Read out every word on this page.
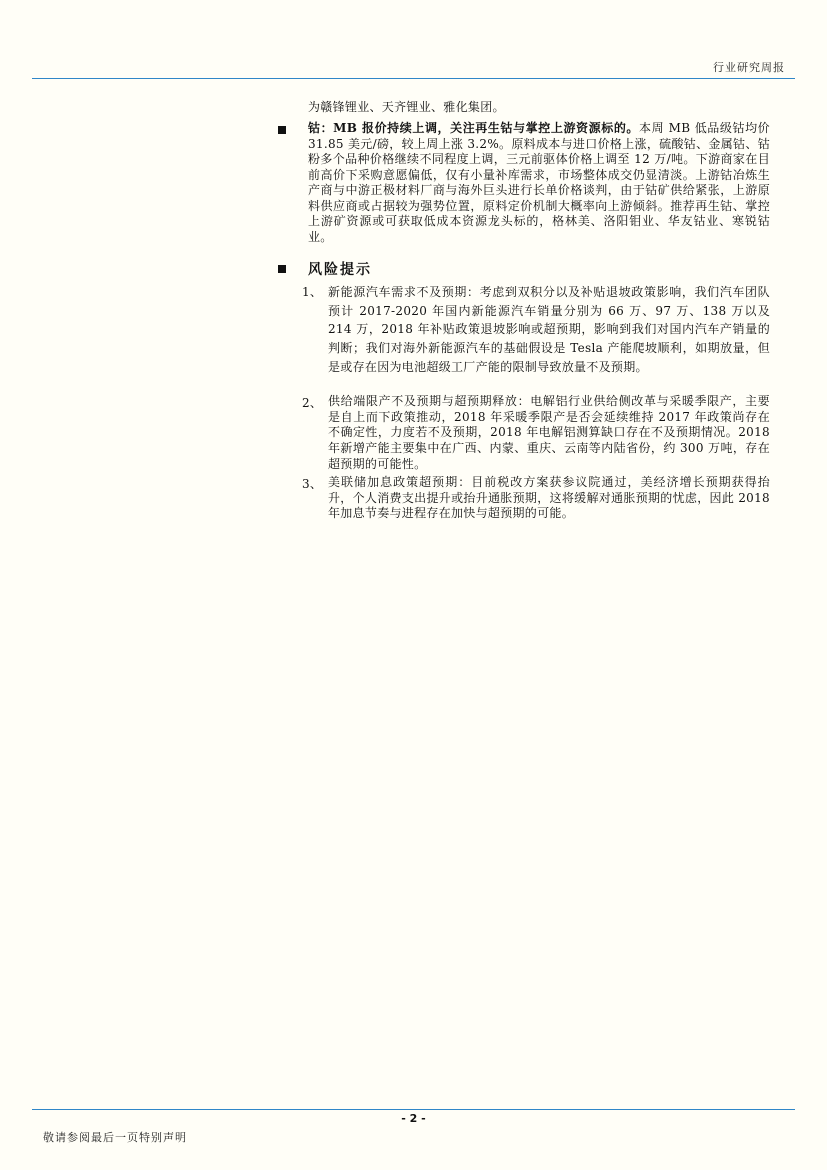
行业研究周报
为赣锋锂业、天齐锂业、雅化集团。
钴：MB 报价持续上调，关注再生钴与掌控上游资源标的。本周 MB 低品级钴均价 31.85 美元/磅，较上周上涨 3.2%。原料成本与进口价格上涨，硫酸钴、金属钴、钴粉多个品种价格继续不同程度上调，三元前驱体价格上调至 12 万/吨。下游商家在目前高价下采购意愿偏低，仅有小量补库需求，市场整体成交仍显清淡。上游钴冶炼生产商与中游正极材料厂商与海外巨头进行长单价格谈判，由于钴矿供给紧张，上游原料供应商或占据较为强势位置，原料定价机制大概率向上游倾斜。推荐再生钴、掌控上游矿资源或可获取低成本资源龙头标的，格林美、洛阳钼业、华友钴业、寒锐钴业。
风险提示
1、 新能源汽车需求不及预期：考虑到双积分以及补贴退坡政策影响，我们汽车团队预计 2017-2020 年国内新能源汽车销量分别为 66 万、97 万、138 万以及 214 万，2018 年补贴政策退坡影响或超预期，影响到我们对国内汽车产销量的判断；我们对海外新能源汽车的基础假设是 Tesla 产能爬坡顺利，如期放量，但是或存在因为电池超级工厂产能的限制导致放量不及预期。
2、 供给端限产不及预期与超预期释放：电解铝行业供给侧改革与采暖季限产，主要是自上而下政策推动，2018 年采暖季限产是否会延续维持 2017 年政策尚存在不确定性，力度若不及预期，2018 年电解铝测算缺口存在不及预期情况。2018 年新增产能主要集中在广西、内蒙、重庆、云南等内陆省份，约 300 万吨，存在超预期的可能性。
3、 美联储加息政策超预期：目前税改方案获参议院通过，美经济增长预期获得抬升，个人消费支出提升或抬升通胀预期，这将缓解对通胀预期的忧虑，因此 2018 年加息节奏与进程存在加快与超预期的可能。
- 2 -
敬请参阅最后一页特别声明
